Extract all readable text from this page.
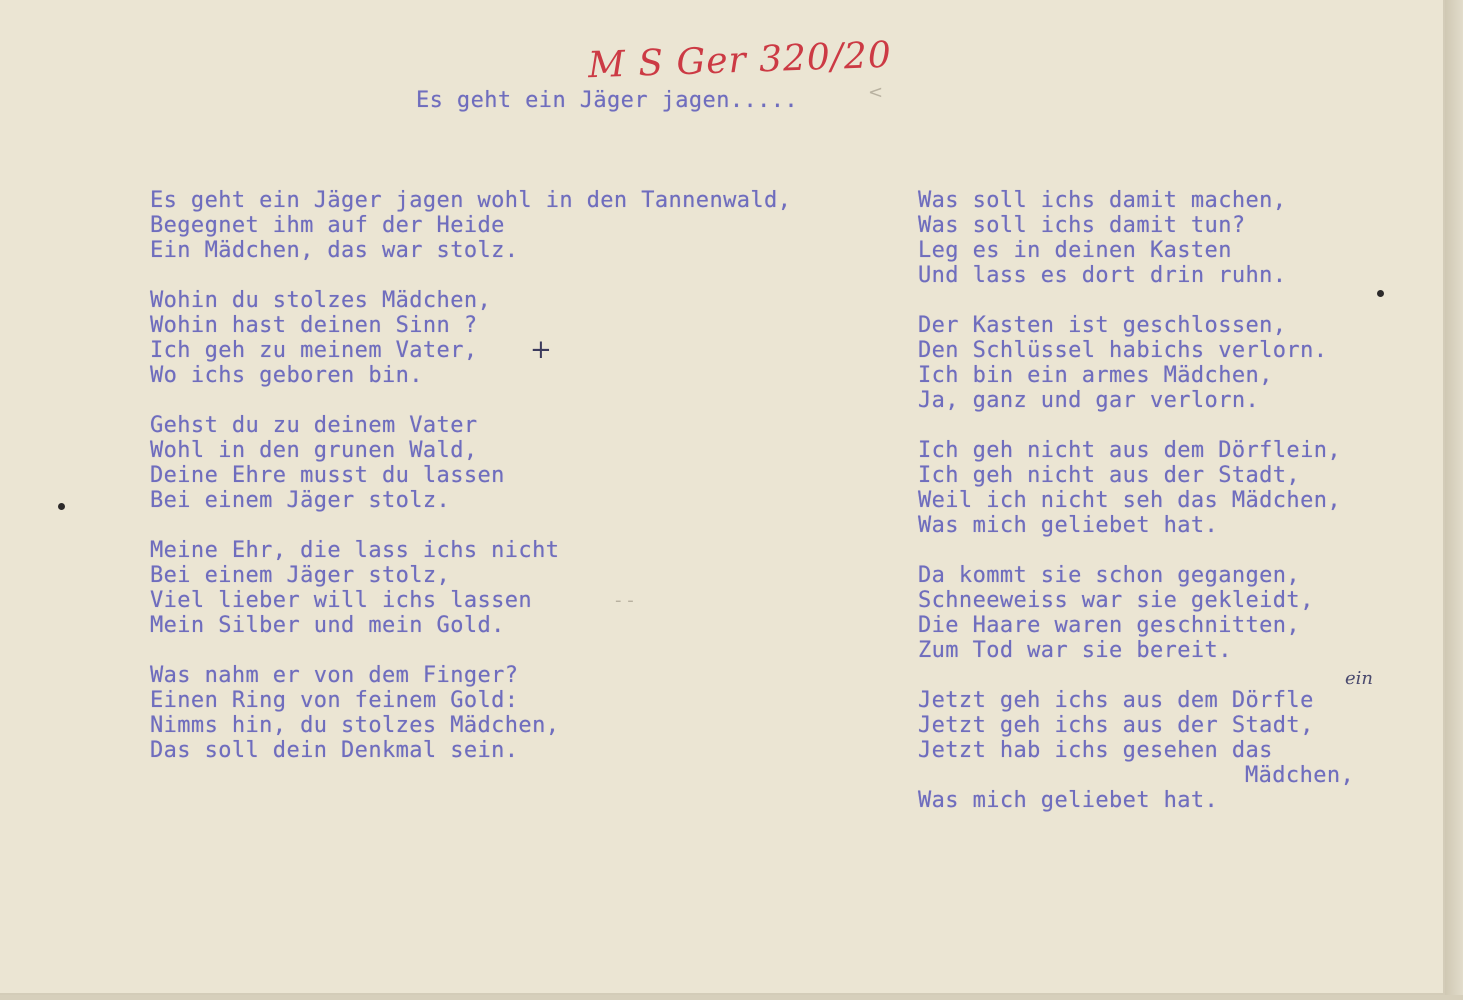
M S Ger 320/20
Es geht ein Jäger jagen.....
Es geht ein Jäger jagen wohl in den Tannenwald,
Begegnet ihm auf der Heide
Ein Mädchen, das war stolz.
Wohin du stolzes Mädchen,
Wohin hast deinen Sinn ?
Ich geh zu meinem Vater,
Wo ichs geboren bin.
Gehst du zu deinem Vater
Wohl in den grunen Wald,
Deine Ehre musst du lassen
Bei einem Jäger stolz.
Meine Ehr, die lass ichs nicht
Bei einem Jäger stolz,
Viel lieber will ichs lassen
Mein Silber und mein Gold.
Was nahm er von dem Finger?
Einen Ring von feinem Gold:
Nimms hin, du stolzes Mädchen,
Das soll dein Denkmal sein.
Was soll ichs damit machen,
Was soll ichs damit tun?
Leg es in deinen Kasten
Und lass es dort drin ruhn.
Der Kasten ist geschlossen,
Den Schlüssel habichs verlorn.
Ich bin ein armes Mädchen,
Ja, ganz und gar verlorn.
Ich geh nicht aus dem Dörflein,
Ich geh nicht aus der Stadt,
Weil ich nicht seh das Mädchen,
Was mich geliebet hat.
Da kommt sie schon gegangen,
Schneeweiss war sie gekleidt,
Die Haare waren geschnitten,
Zum Tod war sie bereit.
Jetzt geh ichs aus dem Dörfle
Jetzt geh ichs aus der Stadt,
Jetzt hab ichs gesehen das
Mädchen,
Was mich geliebet hat.
+
ein
<
- ‐
